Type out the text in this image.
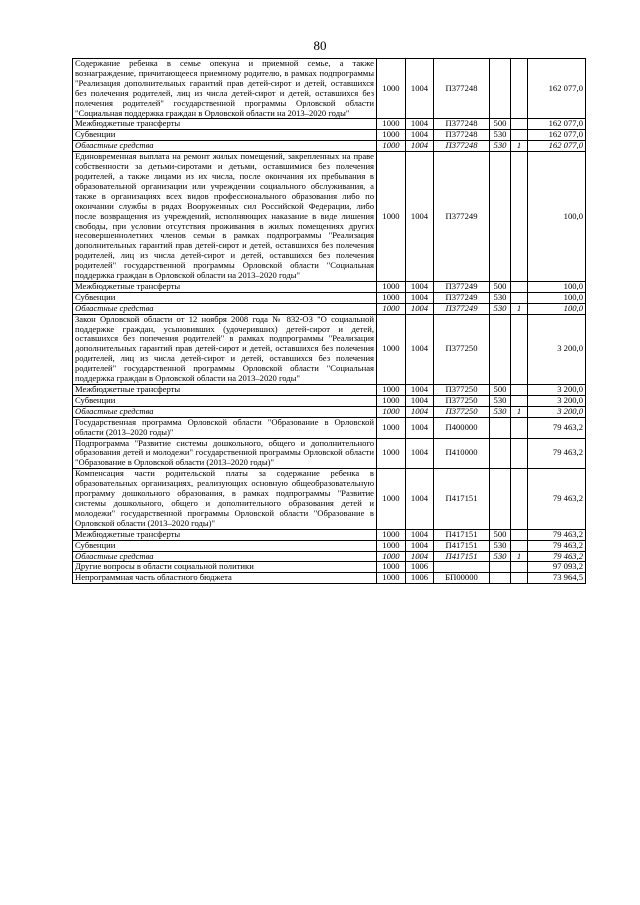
80
Содержание ребенка в семье опекуна и приемной семье, а также вознаграждение, причитающееся приемному родителю, в рамках подпрограммы "Реализация дополнительных гарантий прав детей-сирот и детей, оставшихся без полечения родителей, лиц из числа детей-сирот и детей, оставшихся без полечения родителей" государственной программы Орловской области "Социальная поддержка граждан в Орловской области на 2013–2020 годы"	1000	1004	П377248			162 077,0
Межбюджетные трансферты	1000	1004	П377248	500		162 077,0
Субвенции	1000	1004	П377248	530		162 077,0
Областные средства	1000	1004	П377248	530	1	162 077,0
Единовременная выплата на ремонт жилых помещений, закрепленных на праве собственности за детьми-сиротами и детьми, оставшимися без полечения родителей, а также лицами из их числа, после окончания их пребывания в образовательной организации или учреждении социального обслуживания, а также в организациях всех видов профессионального образования либо по окончании службы в рядах Вооруженных сил Российской Федерации, либо после возвращения из учреждений, исполняющих наказание в виде лишения свободы, при условии отсутствия проживания в жилых помещениях других несовершеннолетних членов семьи в рамках подпрограммы "Реализация дополнительных гарантий прав детей-сирот и детей, оставшихся без полечения родителей, лиц из числа детей-сирот и детей, оставшихся без полечения родителей" государственной программы Орловской области "Социальная поддержка граждан в Орловской области на 2013–2020 годы"	1000	1004	П377249			100,0
Межбюджетные трансферты	1000	1004	П377249	500		100,0
Субвенции	1000	1004	П377249	530		100,0
Областные средства	1000	1004	П377249	530	1	100,0
Закон Орловской области от 12 ноября 2008 года № 832-ОЗ "О социальной поддержке граждан, усыновивших (удочеривших) детей-сирот и детей, оставшихся без попечения родителей" в рамках подпрограммы "Реализация дополнительных гарантий прав детей-сирот и детей, оставшихся без полечения родителей, лиц из числа детей-сирот и детей, оставшихся без полечения родителей" государственной программы Орловской области "Социальная поддержка граждан в Орловской области на 2013–2020 годы"	1000	1004	П377250			3 200,0
Межбюджетные трансферты	1000	1004	П377250	500		3 200,0
Субвенции	1000	1004	П377250	530		3 200,0
Областные средства	1000	1004	П377250	530	1	3 200,0
Государственная программа Орловской области "Образование в Орловской области (2013–2020 годы)"	1000	1004	П400000			79 463,2
Подпрограмма "Развитие системы дошкольного, общего и дополнительного образования детей и молодежи" государственной программы Орловской области "Образование в Орловской области (2013–2020 годы)"	1000	1004	П410000			79 463,2
Компенсация части родительской платы за содержание ребенка в образовательных организациях, реализующих основную общеобразовательную программу дошкольного образования, в рамках подпрограммы "Развитие системы дошкольного, общего и дополнительного образования детей и молодежи" государственной программы Орловской области "Образование в Орловской области (2013–2020 годы)"	1000	1004	П417151			79 463,2
Межбюджетные трансферты	1000	1004	П417151	500		79 463,2
Субвенции	1000	1004	П417151	530		79 463,2
Областные средства	1000	1004	П417151	530	1	79 463,2
Другие вопросы в области социальной политики	1000	1006				97 093,2
Непрограммная часть областного бюджета	1000	1006	БП00000			73 964,5
